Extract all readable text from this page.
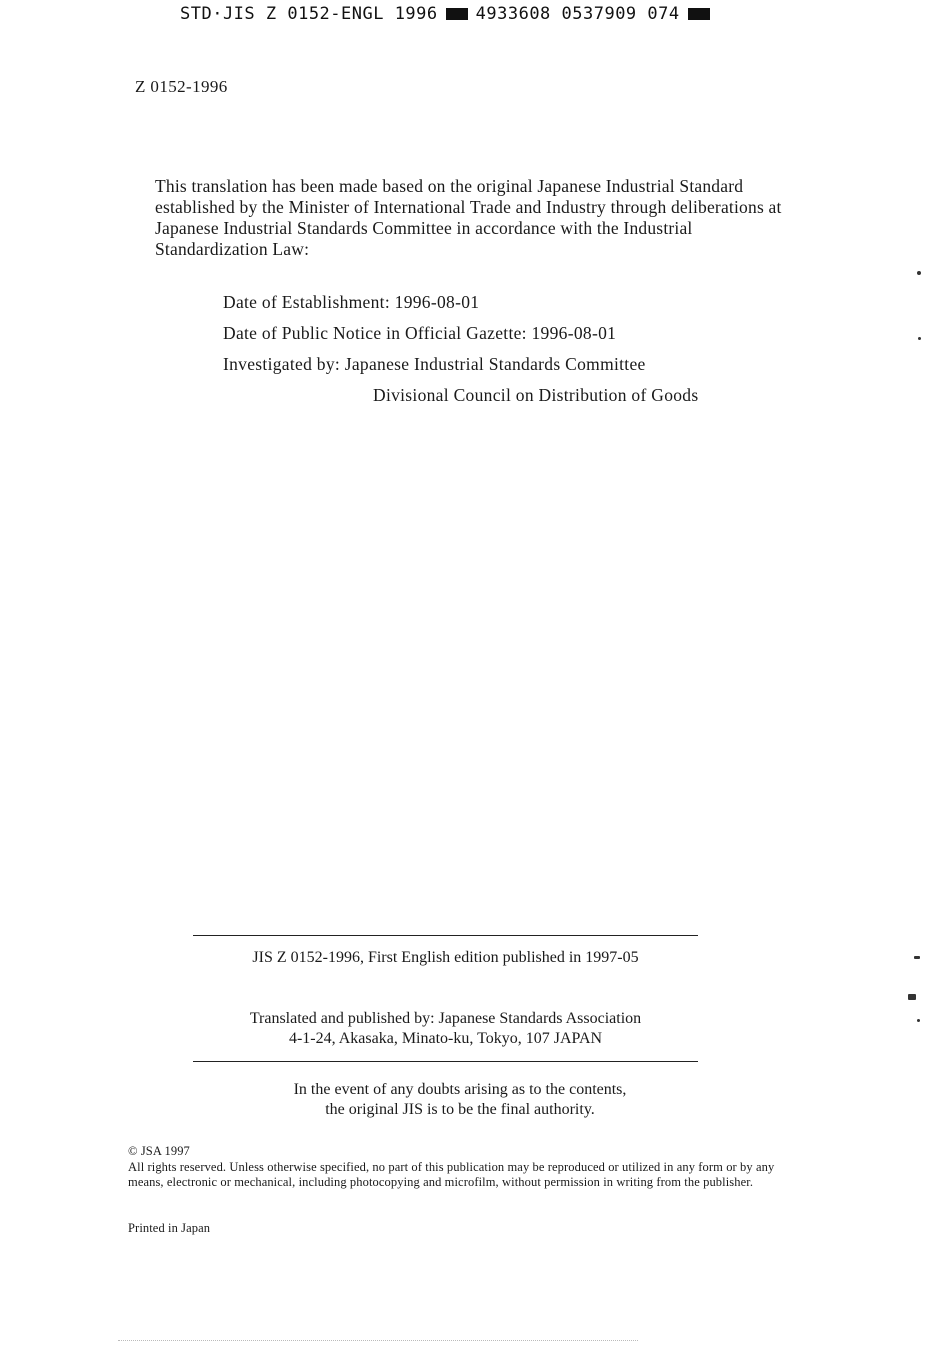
STD·JIS Z 0152-ENGL 1996 4933608 0537909 074
Z 0152-1996
This translation has been made based on the original Japanese Industrial Standard established by the Minister of International Trade and Industry through deliberations at Japanese Industrial Standards Committee in accordance with the Industrial Standardization Law:
Date of Establishment: 1996-08-01
Date of Public Notice in Official Gazette: 1996-08-01
Investigated by: Japanese Industrial Standards Committee
Divisional Council on Distribution of Goods
JIS Z 0152-1996, First English edition published in 1997-05
Translated and published by: Japanese Standards Association
4-1-24, Akasaka, Minato-ku, Tokyo, 107 JAPAN
In the event of any doubts arising as to the contents,
the original JIS is to be the final authority.
© JSA 1997
All rights reserved. Unless otherwise specified, no part of this publication may be reproduced or utilized in any form or by any means, electronic or mechanical, including photocopying and microfilm, without permission in writing from the publisher.
Printed in Japan
